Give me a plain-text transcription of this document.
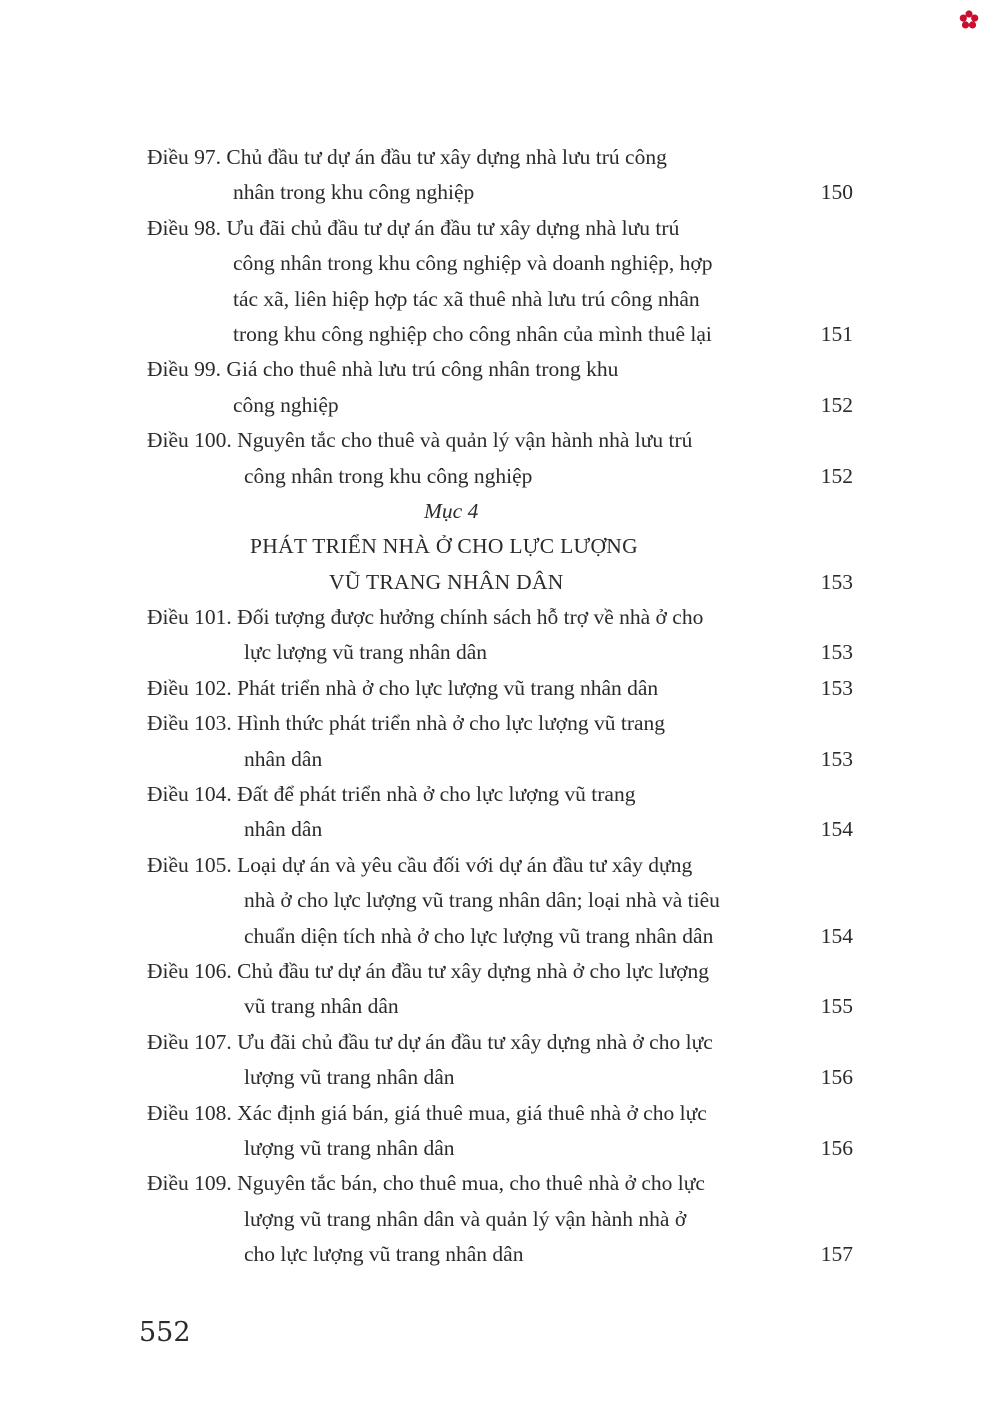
Điều 97. Chủ đầu tư dự án đầu tư xây dựng nhà lưu trú công
nhân trong khu công nghiệp	150
Điều 98. Ưu đãi chủ đầu tư dự án đầu tư xây dựng nhà lưu trú
công nhân trong khu công nghiệp và doanh nghiệp, hợp
tác xã, liên hiệp hợp tác xã thuê nhà lưu trú công nhân
trong khu công nghiệp cho công nhân của mình thuê lại	151
Điều 99. Giá cho thuê nhà lưu trú công nhân trong khu
công nghiệp	152
Điều 100. Nguyên tắc cho thuê và quản lý vận hành nhà lưu trú
công nhân trong khu công nghiệp	152
Mục 4
PHÁT TRIỂN NHÀ Ở CHO LỰC LƯỢNG
VŨ TRANG NHÂN DÂN	153
Điều 101. Đối tượng được hưởng chính sách hỗ trợ về nhà ở cho
lực lượng vũ trang nhân dân	153
Điều 102. Phát triển nhà ở cho lực lượng vũ trang nhân dân	153
Điều 103. Hình thức phát triển nhà ở cho lực lượng vũ trang
nhân dân	153
Điều 104. Đất để phát triển nhà ở cho lực lượng vũ trang
nhân dân	154
Điều 105. Loại dự án và yêu cầu đối với dự án đầu tư xây dựng
nhà ở cho lực lượng vũ trang nhân dân; loại nhà và tiêu
chuẩn diện tích nhà ở cho lực lượng vũ trang nhân dân	154
Điều 106. Chủ đầu tư dự án đầu tư xây dựng nhà ở cho lực lượng
vũ trang nhân dân	155
Điều 107. Ưu đãi chủ đầu tư dự án đầu tư xây dựng nhà ở cho lực
lượng vũ trang nhân dân	156
Điều 108. Xác định giá bán, giá thuê mua, giá thuê nhà ở cho lực
lượng vũ trang nhân dân	156
Điều 109. Nguyên tắc bán, cho thuê mua, cho thuê nhà ở cho lực
lượng vũ trang nhân dân và quản lý vận hành nhà ở
cho lực lượng vũ trang nhân dân	157
552
